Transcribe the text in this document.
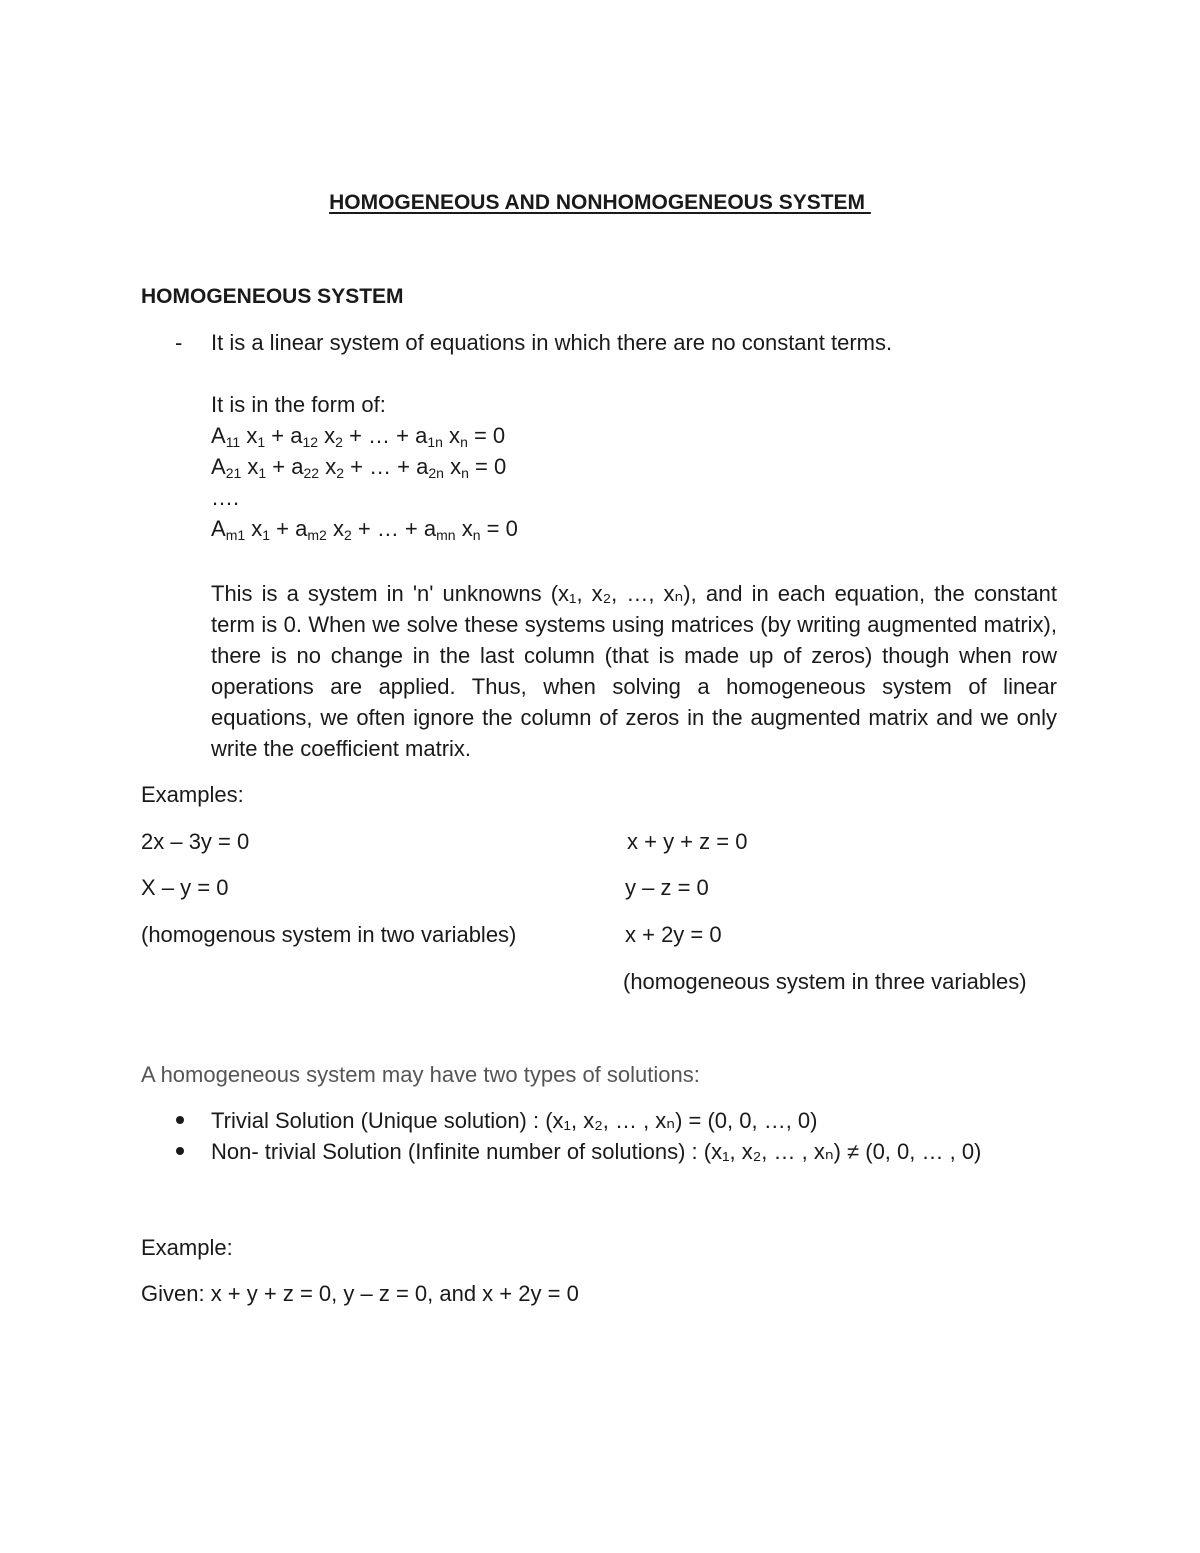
HOMOGENEOUS AND NONHOMOGENEOUS SYSTEM
HOMOGENEOUS SYSTEM
- It is a linear system of equations in which there are no constant terms.
It is in the form of:
$A_{11}$ $x_1 + a_{12}$ $x_2$ + … + $a_{1n}$ $x_n = 0$
$A_{21}$ $x_1 + a_{22}$ $x_2$ + … + $a_{2n}$ $x_n = 0$
….
$A_{m1}$ $x_1 + a_{m2}$ $x_2$ + … + $a_{mn}$ $x_n = 0$
This is a system in 'n' unknowns (x₁, x₂, …, xₙ), and in each equation, the constant term is 0. When we solve these systems using matrices (by writing augmented matrix), there is no change in the last column (that is made up of zeros) though when row operations are applied. Thus, when solving a homogeneous system of linear equations, we often ignore the column of zeros in the augmented matrix and we only write the coefficient matrix.
Examples:
2x – 3y = 0
X – y = 0
(homogenous system in two variables)
x + y + z = 0
y – z = 0
x + 2y = 0
(homogeneous system in three variables)
A homogeneous system may have two types of solutions:
Trivial Solution (Unique solution) : (x₁, x₂, … , xₙ) = (0, 0, …, 0)
Non- trivial Solution (Infinite number of solutions) : (x₁, x₂, … , xₙ) ≠ (0, 0, … , 0)
Example:
Given: x + y + z = 0, y – z = 0, and x + 2y = 0
